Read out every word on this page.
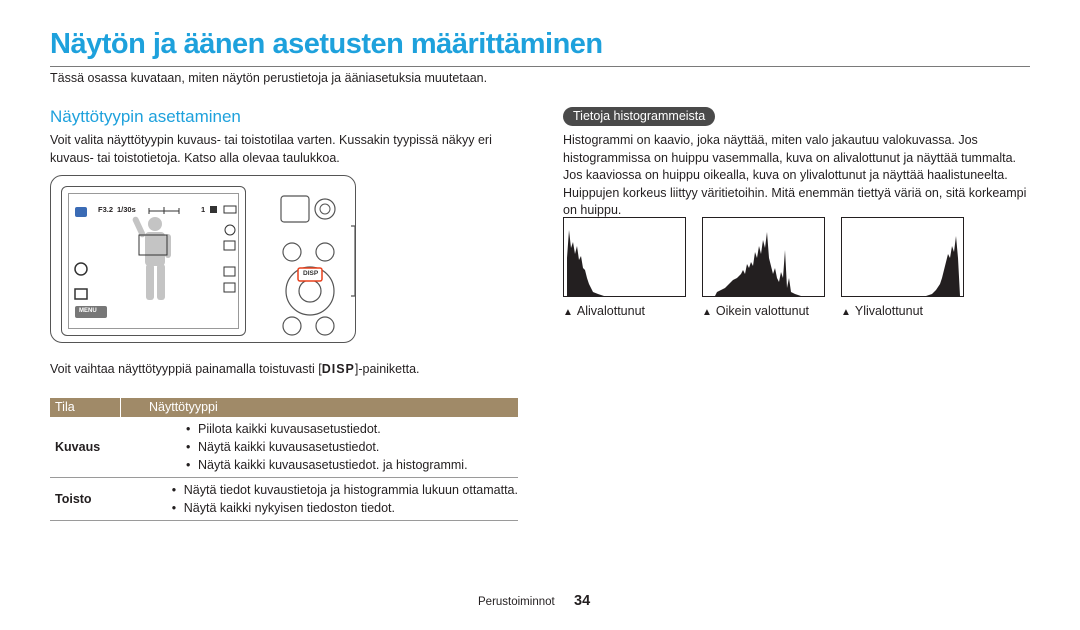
Näytön ja äänen asetusten määrittäminen
Tässä osassa kuvataan, miten näytön perustietoja ja ääniasetuksia muutetaan.
Näyttötyypin asettaminen
Voit valita näyttötyypin kuvaus- tai toistotilaa varten. Kussakin tyypissä näkyy eri kuvaus- tai toistotietoja. Katso alla olevaa taulukkoa.
F3.2 1/30s	1
MENU
DISP
Voit vaihtaa näyttötyyppiä painamalla toistuvasti [DISP]-painiketta.
Tila	Näyttötyyppi
Kuvaus
• Piilota kaikki kuvausasetustiedot.
• Näytä kaikki kuvausasetustiedot.
• Näytä kaikki kuvausasetustiedot. ja histogrammi.
Toisto
• Näytä tiedot kuvaustietoja ja histogrammia lukuun ottamatta.
• Näytä kaikki nykyisen tiedoston tiedot.
Tietoja histogrammeista
Histogrammi on kaavio, joka näyttää, miten valo jakautuu valokuvassa. Jos histogrammissa on huippu vasemmalla, kuva on alivalottunut ja näyttää tummalta. Jos kaaviossa on huippu oikealla, kuva on ylivalottunut ja näyttää haalistuneelta. Huippujen korkeus liittyy väritietoihin. Mitä enemmän tiettyä väriä on, sitä korkeampi on huippu.
▲ Alivalottunut	▲ Oikein valottunut	▲ Ylivalottunut
Perustoiminnot 34
